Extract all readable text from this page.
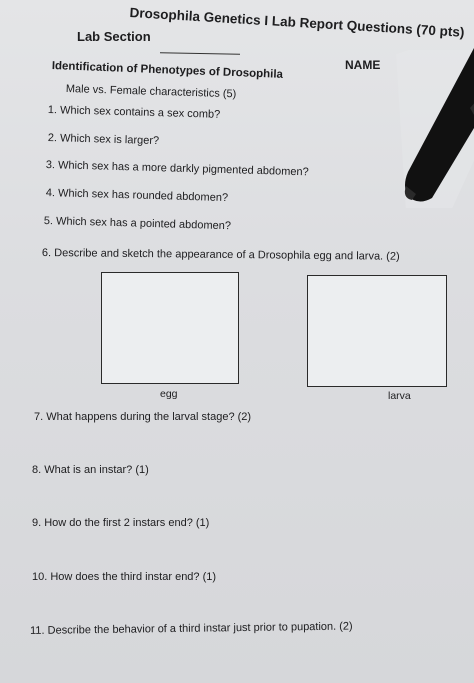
Drosophila Genetics I Lab Report Questions (70 pts)
Lab Section
NAME
Identification of Phenotypes of Drosophila
Male vs. Female characteristics (5)
1. Which sex contains a sex comb?
2. Which sex is larger?
3. Which sex has a more darkly pigmented abdomen?
4. Which sex has rounded abdomen?
5. Which sex has a pointed abdomen?
6. Describe and sketch the appearance of a Drosophila egg and larva. (2)
egg	larva
7. What happens during the larval stage? (2)
8. What is an instar? (1)
9. How do the first 2 instars end? (1)
10. How does the third instar end? (1)
11. Describe the behavior of a third instar just prior to pupation. (2)
